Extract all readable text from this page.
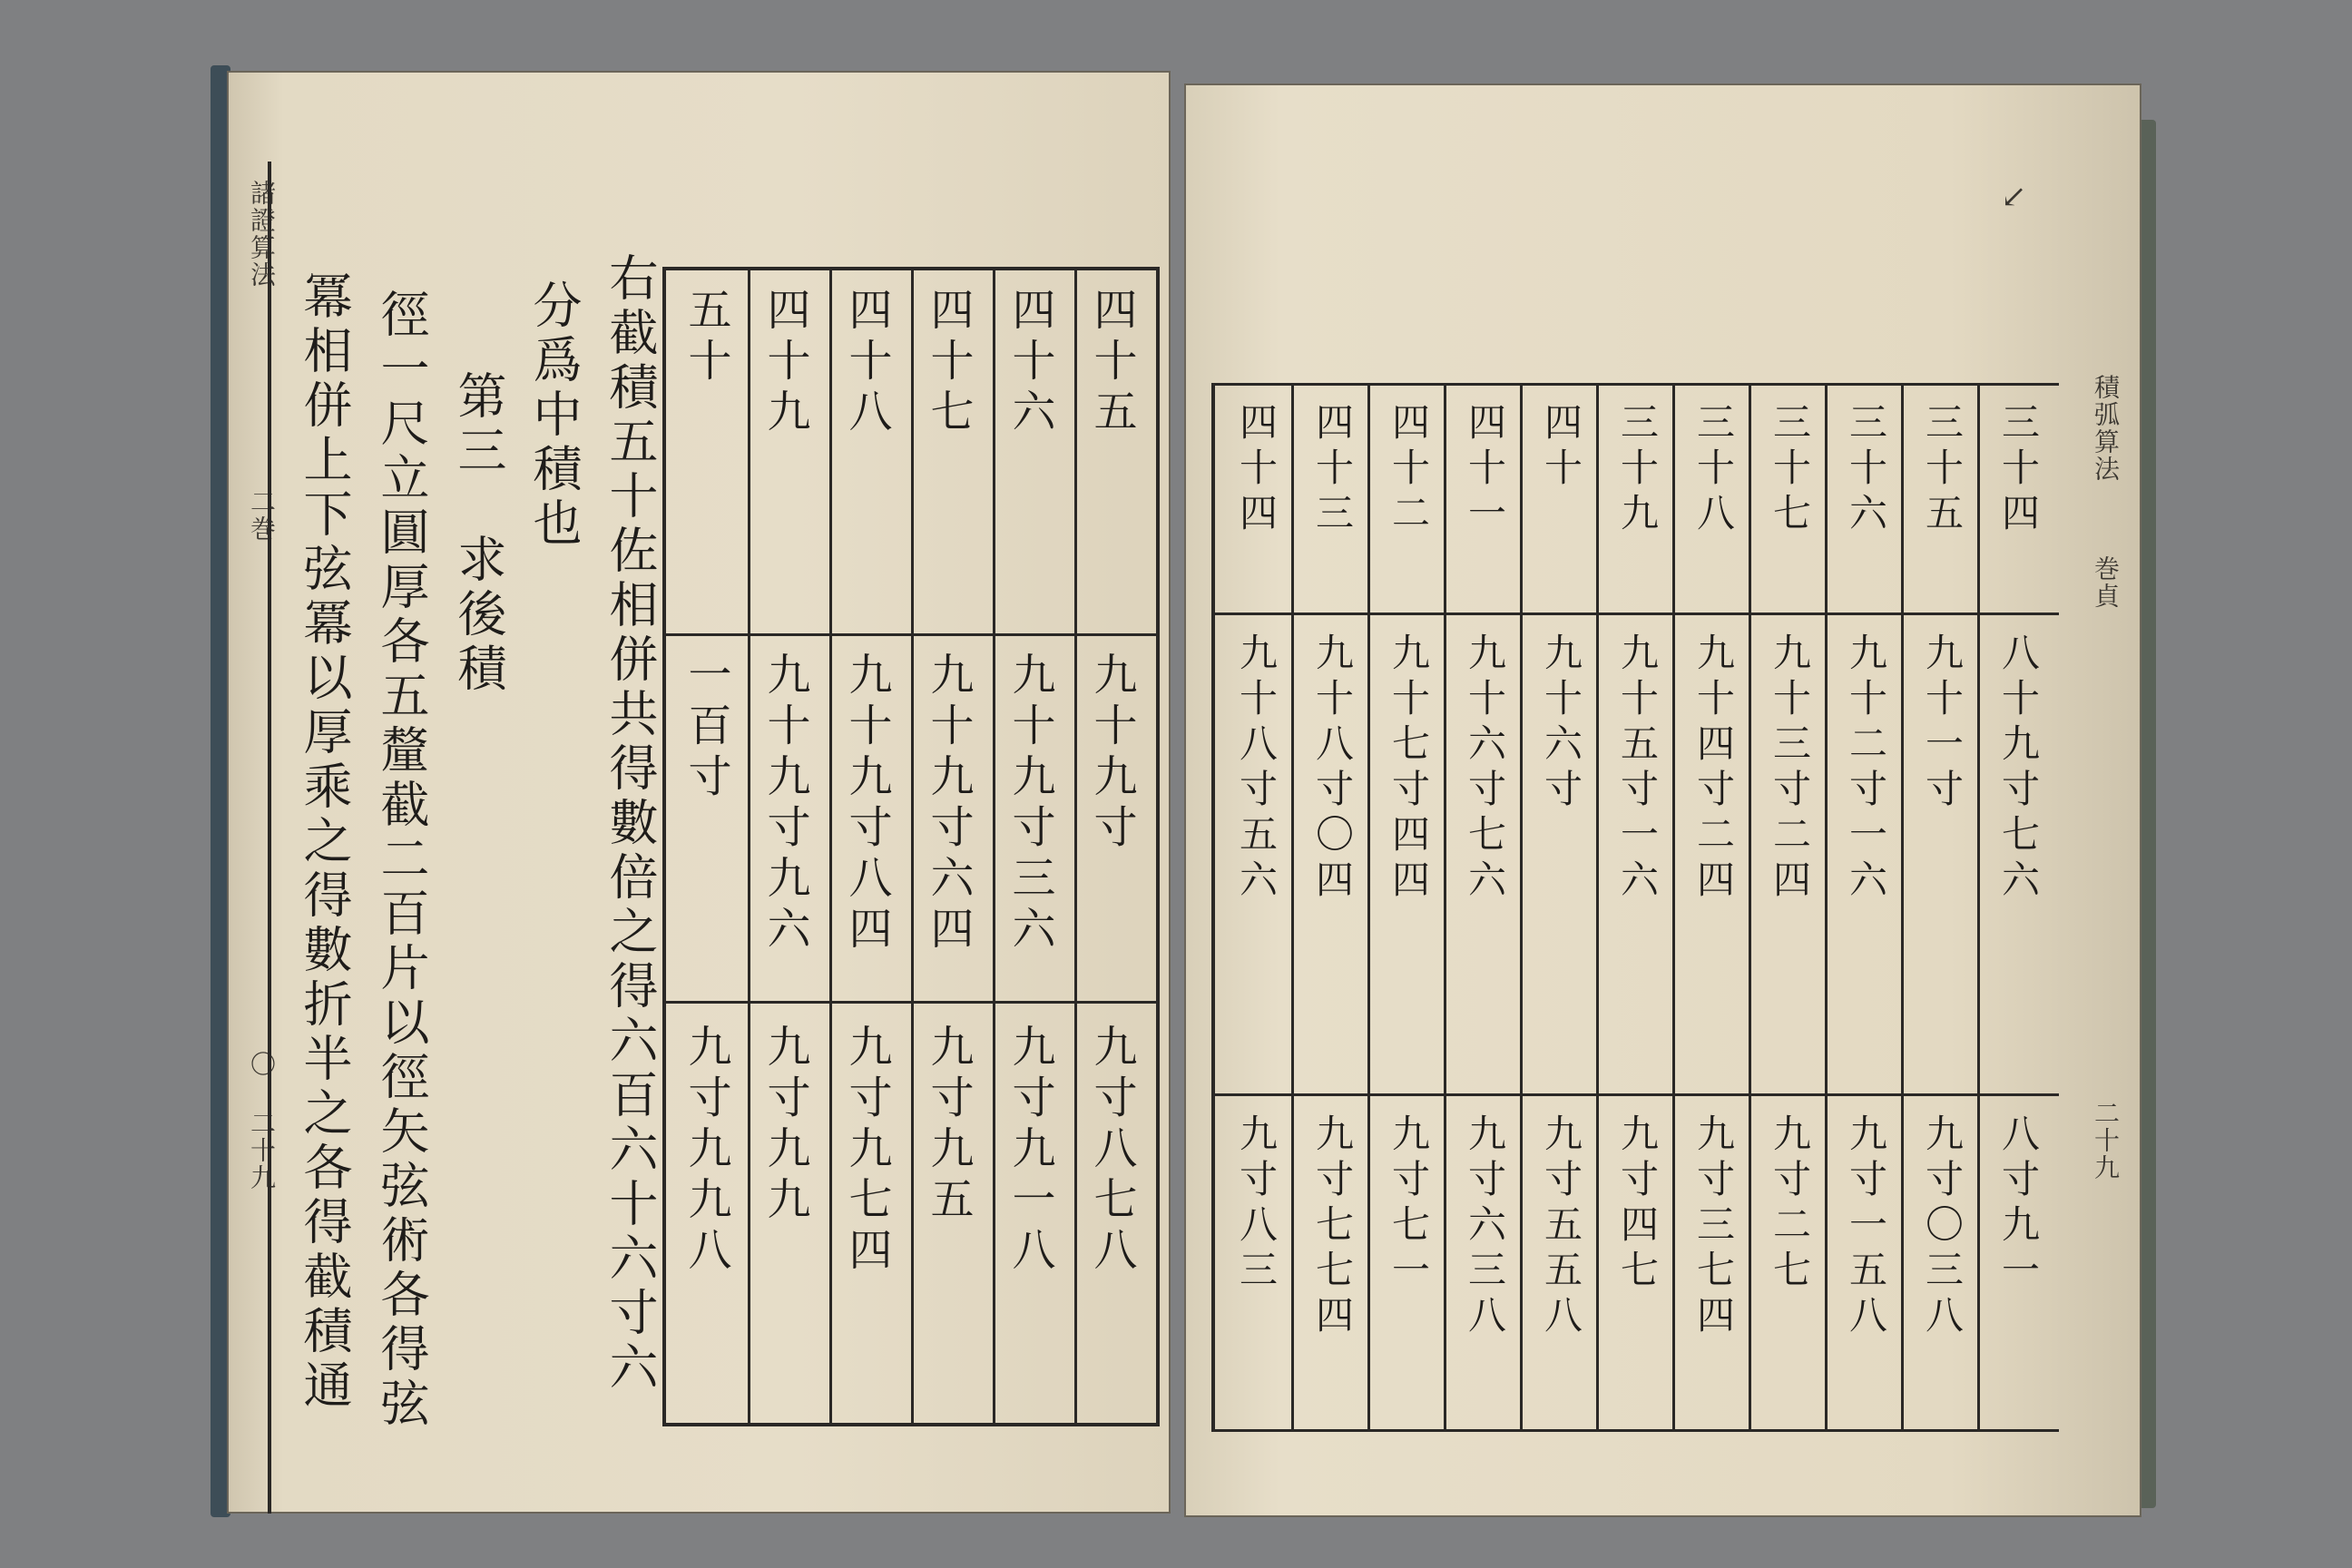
諸證算法
二巻
〇 二十九	右截積五十佐相併共得數倍之得六百六十六寸六
分爲中積也
第三　求後積
徑一尺立圓厚各五釐截二百片以徑矢弦術各得弦
冪相併上下弦冪以厚乘之得數折半之各得截積通	四十五
四十六
四十七
四十八
四十九
五十
九十九寸
九十九寸三六
九十九寸六四
九十九寸八四
九十九寸九六
一百寸
九寸八七八
九寸九一八
九寸九五
九寸九七四
九寸九九
九寸九九八
積弧算法
巻貞
二十九
↙
三十四
三十五
三十六
三十七
三十八
三十九
四十
四十一
四十二
四十三
四十四
八十九寸七六
九十一寸
九十二寸一六
九十三寸二四
九十四寸二四
九十五寸一六
九十六寸
九十六寸七六
九十七寸四四
九十八寸〇四
九十八寸五六
八寸九一
九寸〇三八
九寸一五八
九寸二七
九寸三七四
九寸四七
九寸五五八
九寸六三八
九寸七一
九寸七七四
九寸八三
